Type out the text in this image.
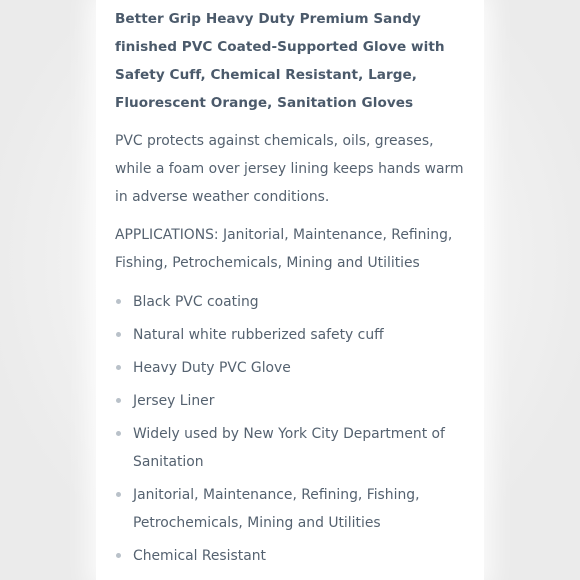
Better Grip Heavy Duty Premium Sandy finished PVC Coated-Supported Glove with Safety Cuff, Chemical Resistant, Large, Fluorescent Orange, Sanitation Gloves

PVC protects against chemicals, oils, greases, while a foam over jersey lining keeps hands warm in adverse weather conditions.

APPLICATIONS: Janitorial, Maintenance, Refining, Fishing, Petrochemicals, Mining and Utilities

Black PVC coating
Natural white rubberized safety cuff
Heavy Duty PVC Glove
Jersey Liner
Widely used by New York City Department of Sanitation
Janitorial, Maintenance, Refining, Fishing, Petrochemicals, Mining and Utilities
Chemical Resistant
